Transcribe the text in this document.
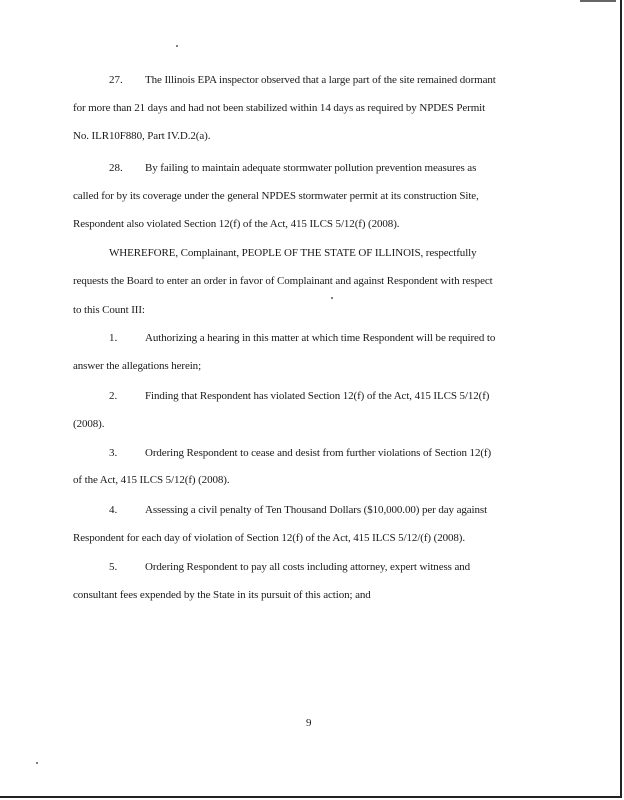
27. The Illinois EPA inspector observed that a large part of the site remained dormant
for more than 21 days and had not been stabilized within 14 days as required by NPDES Permit
No. ILR10F880, Part IV.D.2(a).
28. By failing to maintain adequate stormwater pollution prevention measures as
called for by its coverage under the general NPDES stormwater permit at its construction Site,
Respondent also violated Section 12(f) of the Act, 415 ILCS 5/12(f) (2008).
WHEREFORE, Complainant, PEOPLE OF THE STATE OF ILLINOIS, respectfully
requests the Board to enter an order in favor of Complainant and against Respondent with respect
to this Count III:
1.	Authorizing a hearing in this matter at which time Respondent will be required to
answer the allegations herein;
2.	Finding that Respondent has violated Section 12(f) of the Act, 415 ILCS 5/12(f)
(2008).
3.	Ordering Respondent to cease and desist from further violations of Section 12(f)
of the Act, 415 ILCS 5/12(f) (2008).
4.	Assessing a civil penalty of Ten Thousand Dollars ($10,000.00) per day against
Respondent for each day of violation of Section 12(f) of the Act, 415 ILCS 5/12/(f) (2008).
5.	Ordering Respondent to pay all costs including attorney, expert witness and
consultant fees expended by the State in its pursuit of this action; and
9
